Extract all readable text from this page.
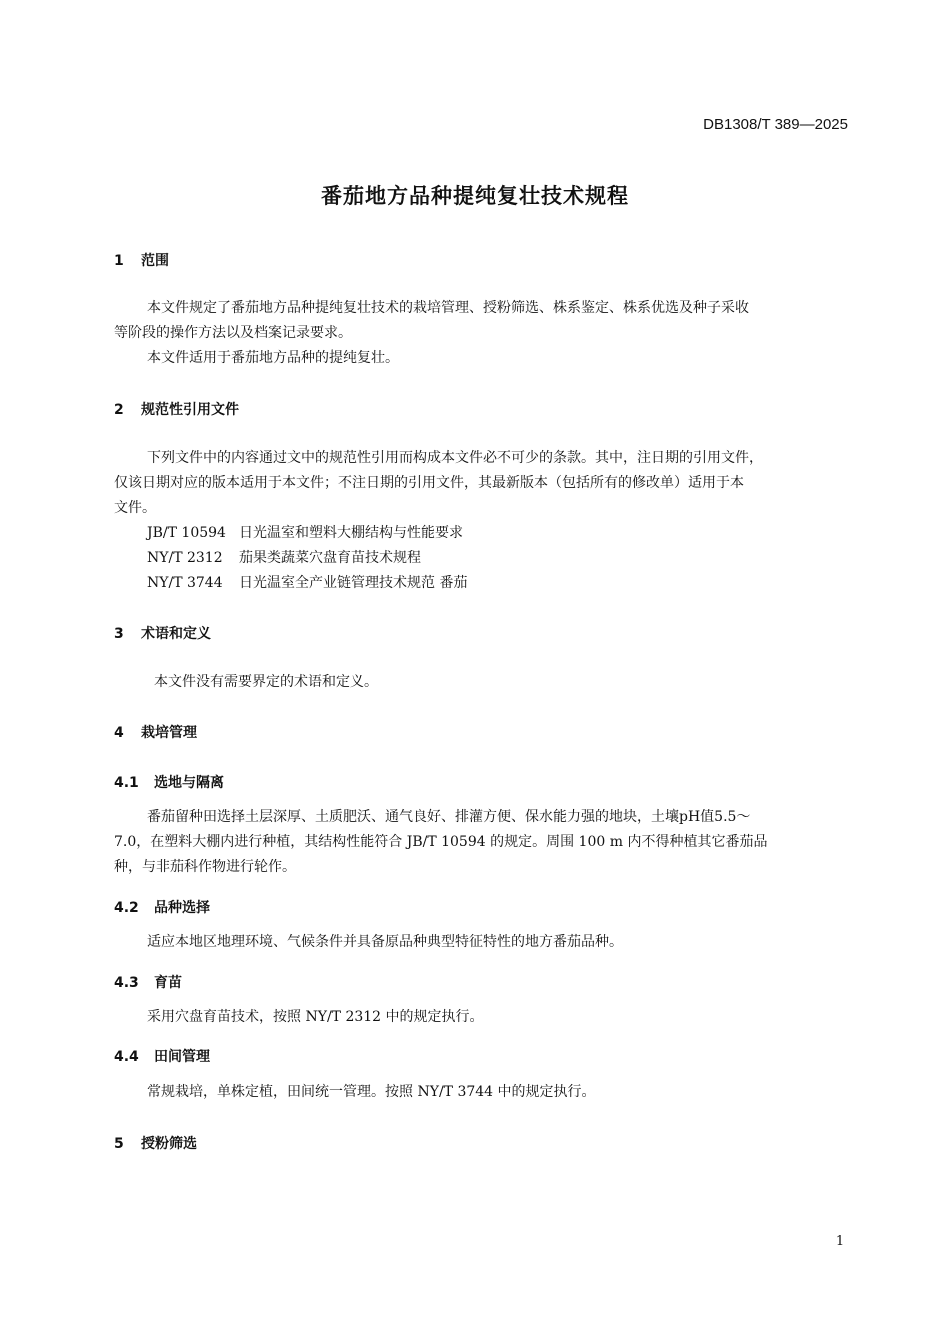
DB1308/T 389—2025
番茄地方品种提纯复壮技术规程
1 范围
本文件规定了番茄地方品种提纯复壮技术的栽培管理、授粉筛选、株系鉴定、株系优选及种子采收
等阶段的操作方法以及档案记录要求。
本文件适用于番茄地方品种的提纯复壮。
2 规范性引用文件
下列文件中的内容通过文中的规范性引用而构成本文件必不可少的条款。其中，注日期的引用文件，
仅该日期对应的版本适用于本文件；不注日期的引用文件，其最新版本（包括所有的修改单）适用于本
文件。
JB/T 10594 日光温室和塑料大棚结构与性能要求
NY/T 2312 茄果类蔬菜穴盘育苗技术规程
NY/T 3744 日光温室全产业链管理技术规范 番茄
3 术语和定义
本文件没有需要界定的术语和定义。
4 栽培管理
4.1 选地与隔离
番茄留种田选择土层深厚、土质肥沃、通气良好、排灌方便、保水能力强的地块，土壤pH值5.5～
7.0，在塑料大棚内进行种植，其结构性能符合 JB/T 10594 的规定。周围 100 m 内不得种植其它番茄品
种，与非茄科作物进行轮作。
4.2 品种选择
适应本地区地理环境、气候条件并具备原品种典型特征特性的地方番茄品种。
4.3 育苗
采用穴盘育苗技术，按照 NY/T 2312 中的规定执行。
4.4 田间管理
常规栽培，单株定植，田间统一管理。按照 NY/T 3744 中的规定执行。
5 授粉筛选
1
